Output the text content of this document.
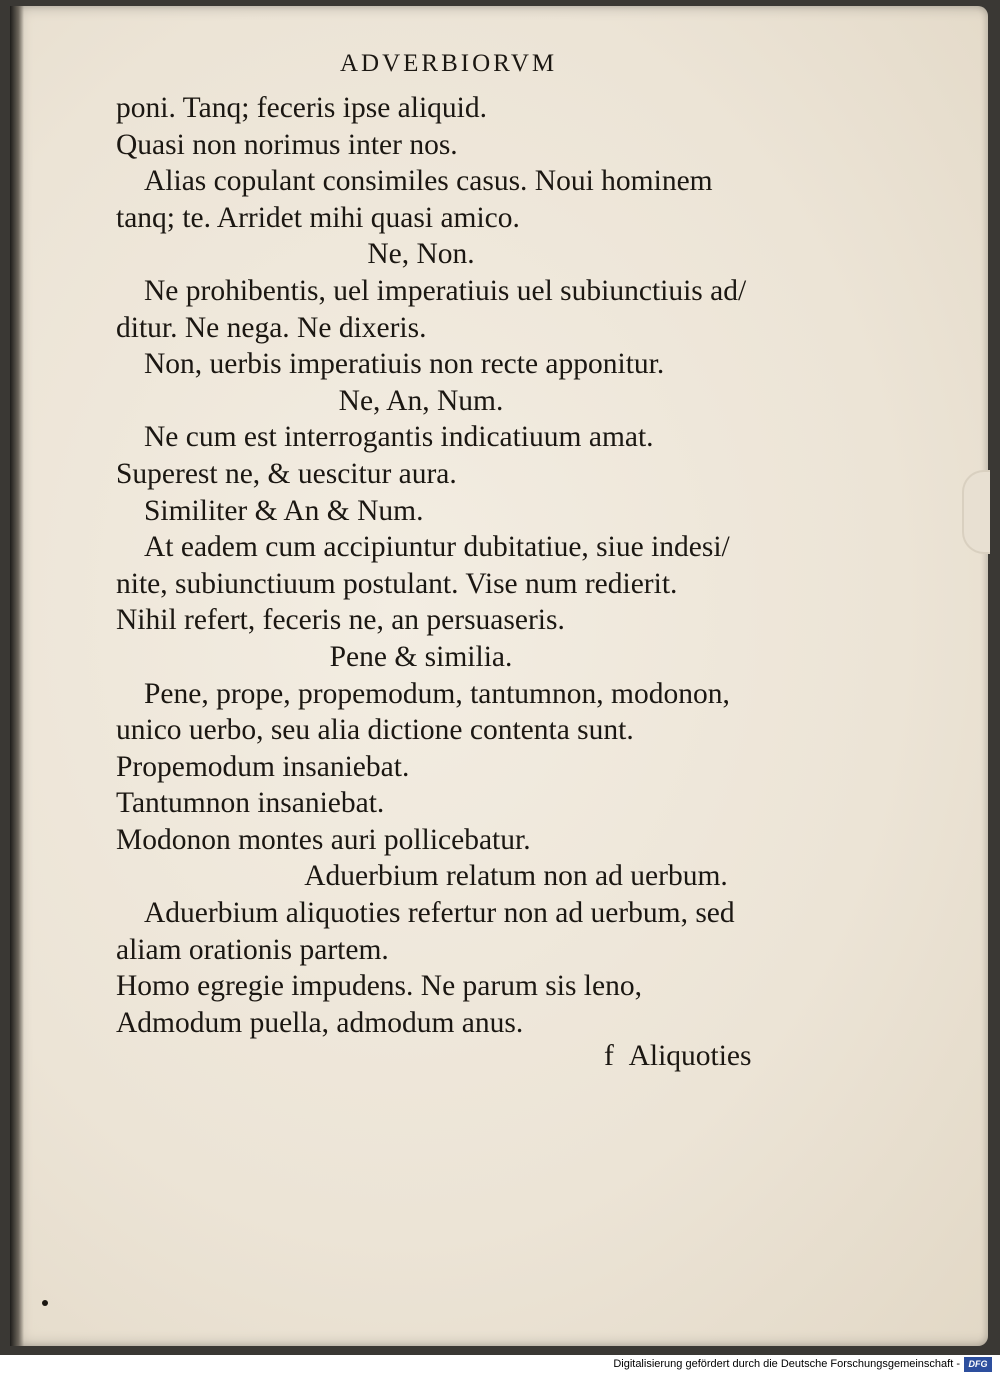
ADVERBIORVM
poni. Tanq; feceris ipse aliquid.
Quasi non norimus inter nos.
Alias copulant consimiles casus. Noui hominem
tanq; te. Arridet mihi quasi amico.
Ne, Non.
Ne prohibentis, uel imperatiuis uel subiunctiuis ad/
ditur. Ne nega. Ne dixeris.
Non, uerbis imperatiuis non recte apponitur.
Ne, An, Num.
Ne cum est interrogantis indicatiuum amat.
Superest ne, & uescitur aura.
Similiter & An & Num.
At eadem cum accipiuntur dubitatiue, siue indesi/
nite, subiunctiuum postulant. Vise num redierit.
Nihil refert, feceris ne, an persuaseris.
Pene & similia.
Pene, prope, propemodum, tantumnon, modonon,
unico uerbo, seu alia dictione contenta sunt.
Propemodum insaniebat.
Tantumnon insaniebat.
Modonon montes auri pollicebatur.
Aduerbium relatum non ad uerbum.
Aduerbium aliquoties refertur non ad uerbum, sed
aliam orationis partem.
Homo egregie impudens. Ne parum sis leno,
Admodum puella, admodum anus.
f Aliquoties
Digitalisierung gefördert durch die Deutsche Forschungsgemeinschaft - DFG
